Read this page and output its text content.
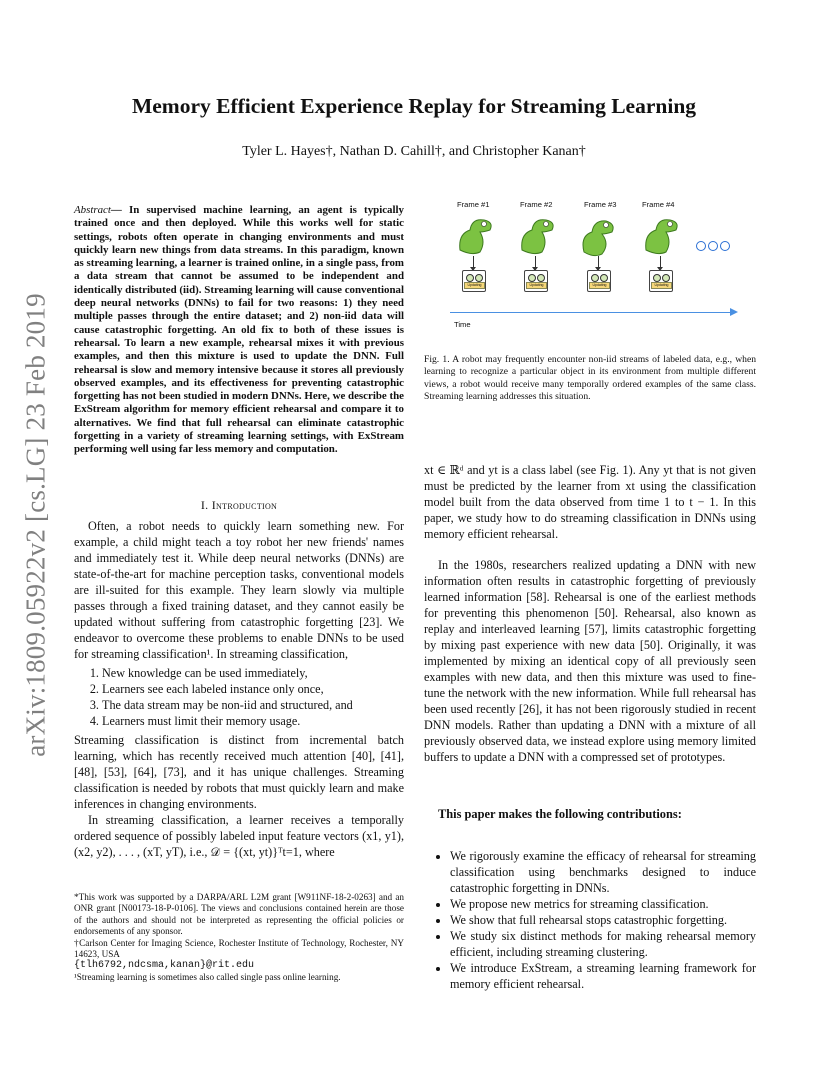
arXiv:1809.05922v2 [cs.LG] 23 Feb 2019
Memory Efficient Experience Replay for Streaming Learning
Tyler L. Hayes†, Nathan D. Cahill†, and Christopher Kanan†
Abstract— In supervised machine learning, an agent is typically trained once and then deployed. While this works well for static settings, robots often operate in changing environments and must quickly learn new things from data streams. In this paradigm, known as streaming learning, a learner is trained online, in a single pass, from a data stream that cannot be assumed to be independent and identically distributed (iid). Streaming learning will cause conventional deep neural networks (DNNs) to fail for two reasons: 1) they need multiple passes through the entire dataset; and 2) non-iid data will cause catastrophic forgetting. An old fix to both of these issues is rehearsal. To learn a new example, rehearsal mixes it with previous examples, and then this mixture is used to update the DNN. Full rehearsal is slow and memory intensive because it stores all previously observed examples, and its effectiveness for preventing catastrophic forgetting has not been studied in modern DNNs. Here, we describe the ExStream algorithm for memory efficient rehearsal and compare it to alternatives. We find that full rehearsal can eliminate catastrophic forgetting in a variety of streaming learning settings, with ExStream performing well using far less memory and computation.
I. Introduction

Often, a robot needs to quickly learn something new. For example, a child might teach a toy robot her new friends' names and immediately test it. While deep neural networks (DNNs) are state-of-the-art for machine perception tasks, conventional models are ill-suited for this example. They learn slowly via multiple passes through a fixed training dataset, and they cannot easily be updated without suffering from catastrophic forgetting [23]. We endeavor to overcome these problems to enable DNNs to be used for streaming classification¹. In streaming classification,

1. New knowledge can be used immediately,
2. Learners see each labeled instance only once,
3. The data stream may be non-iid and structured, and
4. Learners must limit their memory usage.

Streaming classification is distinct from incremental batch learning, which has recently received much attention [40], [41], [48], [53], [64], [73], and it has unique challenges. Streaming classification is needed by robots that must quickly learn and make inferences in changing environments.

In streaming classification, a learner receives a temporally ordered sequence of possibly labeled input feature vectors (x1, y1), (x2, y2), . . . , (xT, yT), i.e., 𝒟 = {(xt, yt)}ᵀt=1, where

*This work was supported by a DARPA/ARL L2M grant [W911NF-18-2-0263] and an ONR grant [N00173-18-P-0106]. The views and conclusions contained herein are those of the authors and should not be interpreted as representing the official policies or endorsements of any sponsor.
†Carlson Center for Imaging Science, Rochester Institute of Technology, Rochester, NY 14623, USA
{tlh6792,ndcsma,kanan}@rit.edu
¹Streaming learning is sometimes also called single pass online learning.
Frame #1	Frame #2	Frame #3	Frame #4
Updating	Updating	Updating	Updating
Time
Fig. 1. A robot may frequently encounter non-iid streams of labeled data, e.g., when learning to recognize a particular object in its environment from multiple different views, a robot would receive many temporally ordered examples of the same class. Streaming learning addresses this situation.

xt ∈ ℝᵈ and yt is a class label (see Fig. 1). Any yt that is not given must be predicted by the learner from xt using the classification model built from the data observed from time 1 to t − 1. In this paper, we study how to do streaming classification in DNNs using memory efficient rehearsal.

In the 1980s, researchers realized updating a DNN with new information often results in catastrophic forgetting of previously learned information [58]. Rehearsal is one of the earliest methods for preventing this phenomenon [50]. Rehearsal, also known as replay and interleaved learning [57], limits catastrophic forgetting by mixing past experience with new data [50]. Originally, it was implemented by mixing an identical copy of all previously seen examples with new data, and then this mixture was used to fine-tune the network with the new information. While full rehearsal has been used recently [26], it has not been rigorously studied in recent DNN models. Rather than updating a DNN with a mixture of all previously observed data, we instead explore using memory limited buffers to update a DNN with a compressed set of prototypes.

This paper makes the following contributions:
• We rigorously examine the efficacy of rehearsal for streaming classification using benchmarks designed to induce catastrophic forgetting in DNNs.
• We propose new metrics for streaming classification.
• We show that full rehearsal stops catastrophic forgetting.
• We study six distinct methods for making rehearsal memory efficient, including streaming clustering.
• We introduce ExStream, a streaming learning framework for memory efficient rehearsal.
